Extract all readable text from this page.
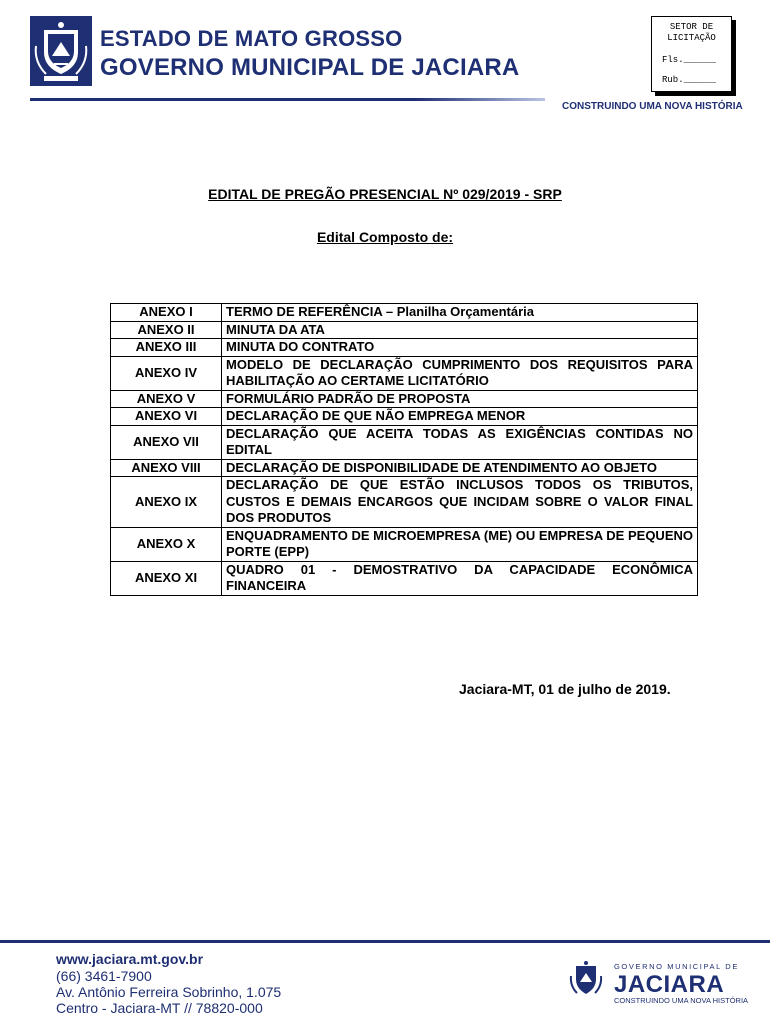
ESTADO DE MATO GROSSO
GOVERNO MUNICIPAL DE JACIARA
CONSTRUINDO UMA NOVA HISTÓRIA
SETOR DE
LICITAÇÃO
Fls.______
Rub.______
EDITAL DE PREGÃO PRESENCIAL Nº 029/2019 - SRP
Edital Composto de:
ANEXO I	TERMO DE REFERÊNCIA – Planilha Orçamentária
ANEXO II	MINUTA DA ATA
ANEXO III	MINUTA DO CONTRATO
ANEXO IV	MODELO DE DECLARAÇÃO CUMPRIMENTO DOS REQUISITOS PARA HABILITAÇÃO AO CERTAME LICITATÓRIO
ANEXO V	FORMULÁRIO PADRÃO DE PROPOSTA
ANEXO VI	DECLARAÇÃO DE QUE NÃO EMPREGA MENOR
ANEXO VII	DECLARAÇÃO QUE ACEITA TODAS AS EXIGÊNCIAS CONTIDAS NO EDITAL
ANEXO VIII	DECLARAÇÃO DE DISPONIBILIDADE DE ATENDIMENTO AO OBJETO
ANEXO IX	DECLARAÇÃO DE QUE ESTÃO INCLUSOS TODOS OS TRIBUTOS, CUSTOS E DEMAIS ENCARGOS QUE INCIDAM SOBRE O VALOR FINAL DOS PRODUTOS
ANEXO X	ENQUADRAMENTO DE MICROEMPRESA (ME) OU EMPRESA DE PEQUENO PORTE (EPP)
ANEXO XI	QUADRO 01 - DEMOSTRATIVO DA CAPACIDADE ECONÔMICA FINANCEIRA
Jaciara-MT, 01 de julho de 2019.
www.jaciara.mt.gov.br
(66) 3461-7900
Av. Antônio Ferreira Sobrinho, 1.075
Centro - Jaciara-MT // 78820-000
GOVERNO MUNICIPAL DE
JACIARA
CONSTRUINDO UMA NOVA HISTÓRIA
